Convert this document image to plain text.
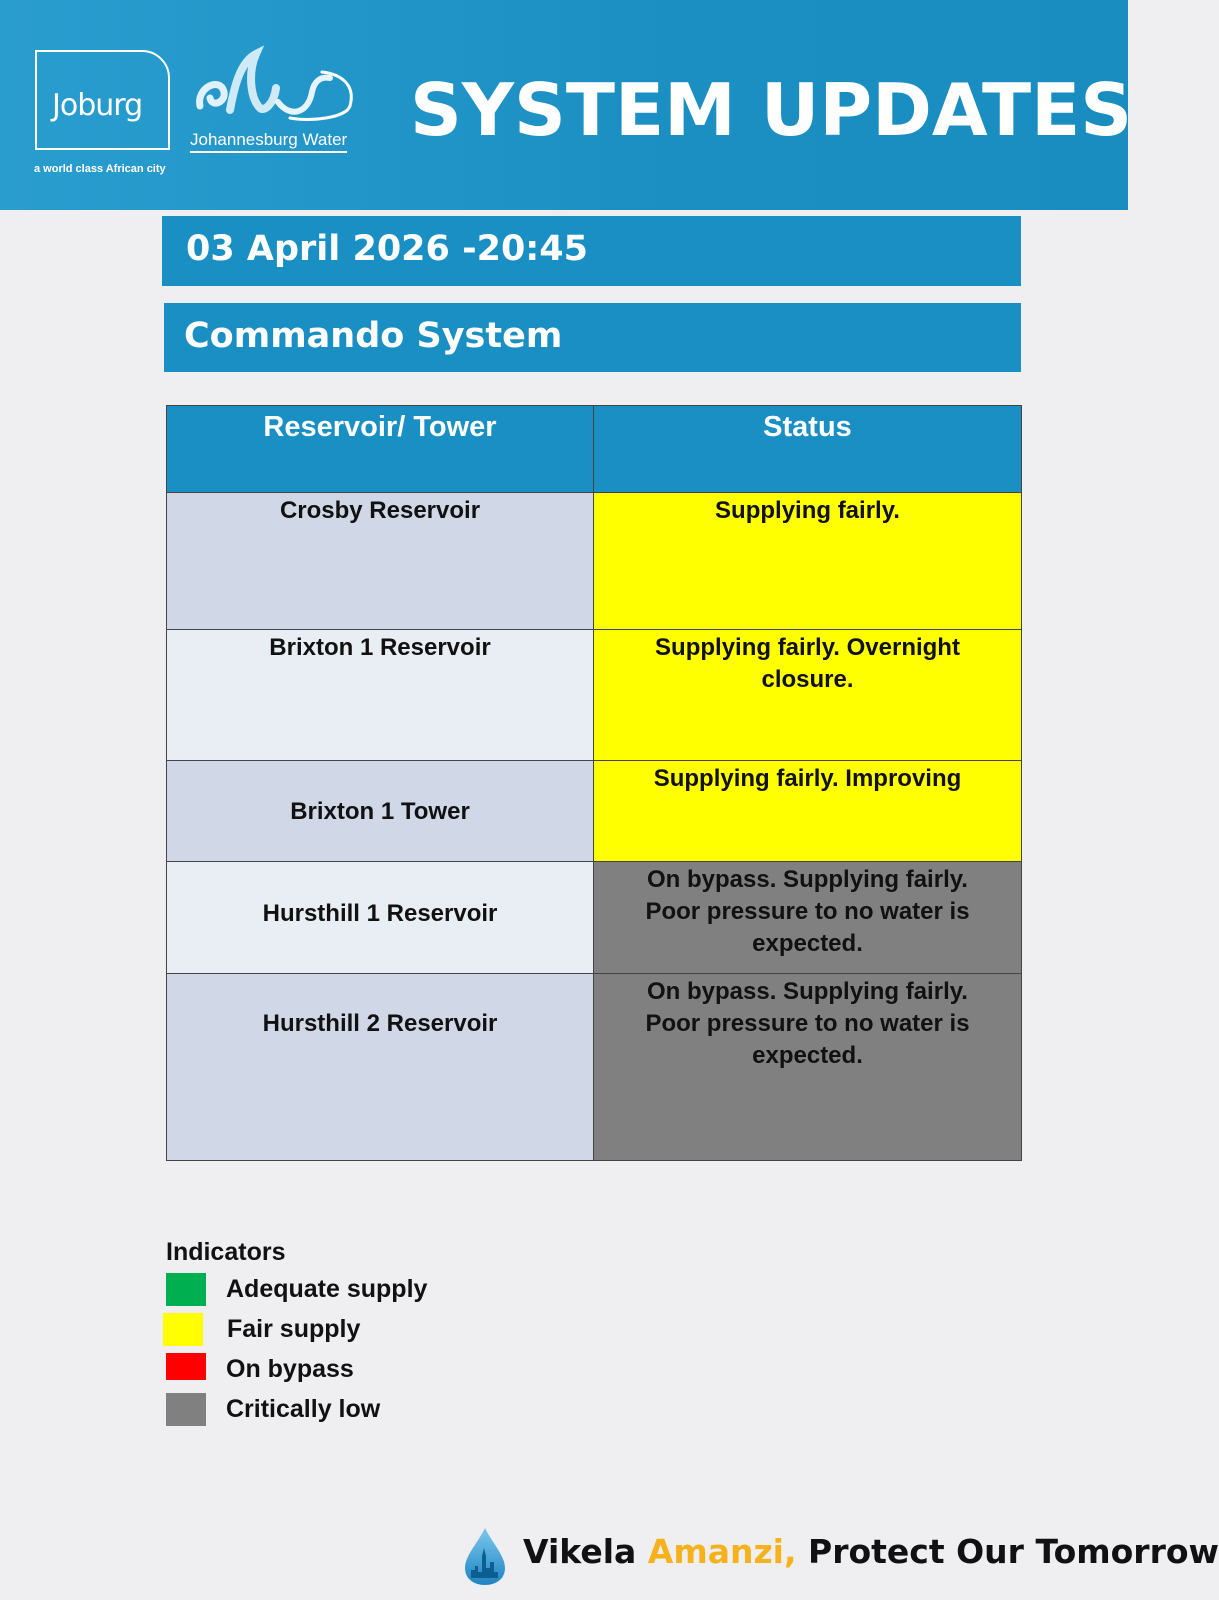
Joburg
a world class African city
Johannesburg Water SYSTEM UPDATES
03 April 2026 -20:45
Commando System
Reservoir/ Tower	Status
Crosby Reservoir	Supplying fairly.
Brixton 1 Reservoir	Supplying fairly. Overnight closure.
Brixton 1 Tower	Supplying fairly. Improving
Hursthill 1 Reservoir	On bypass. Supplying fairly. Poor pressure to no water is expected.
Hursthill 2 Reservoir	On bypass. Supplying fairly. Poor pressure to no water is expected.
Indicators
Adequate supply
Fair supply
On bypass
Critically low
Vikela Amanzi, Protect Our Tomorrow
